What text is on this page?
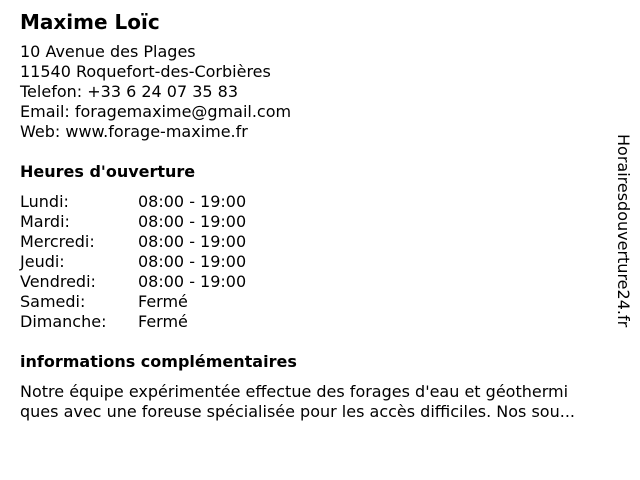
Maxime Loïc
10 Avenue des Plages
11540 Roquefort-des-Corbières
Telefon: +33 6 24 07 35 83
Email: foragemaxime@gmail.com
Web: www.forage-maxime.fr
Heures d'ouverture
Lundi:	08:00 - 19:00
Mardi:	08:00 - 19:00
Mercredi:	08:00 - 19:00
Jeudi:	08:00 - 19:00
Vendredi:	08:00 - 19:00
Samedi:	Fermé
Dimanche:	Fermé
informations complémentaires
Notre équipe expérimentée effectue des forages d'eau et géothermi
ques avec une foreuse spécialisée pour les accès difficiles. Nos sou...
Horairesdouverture24.fr
